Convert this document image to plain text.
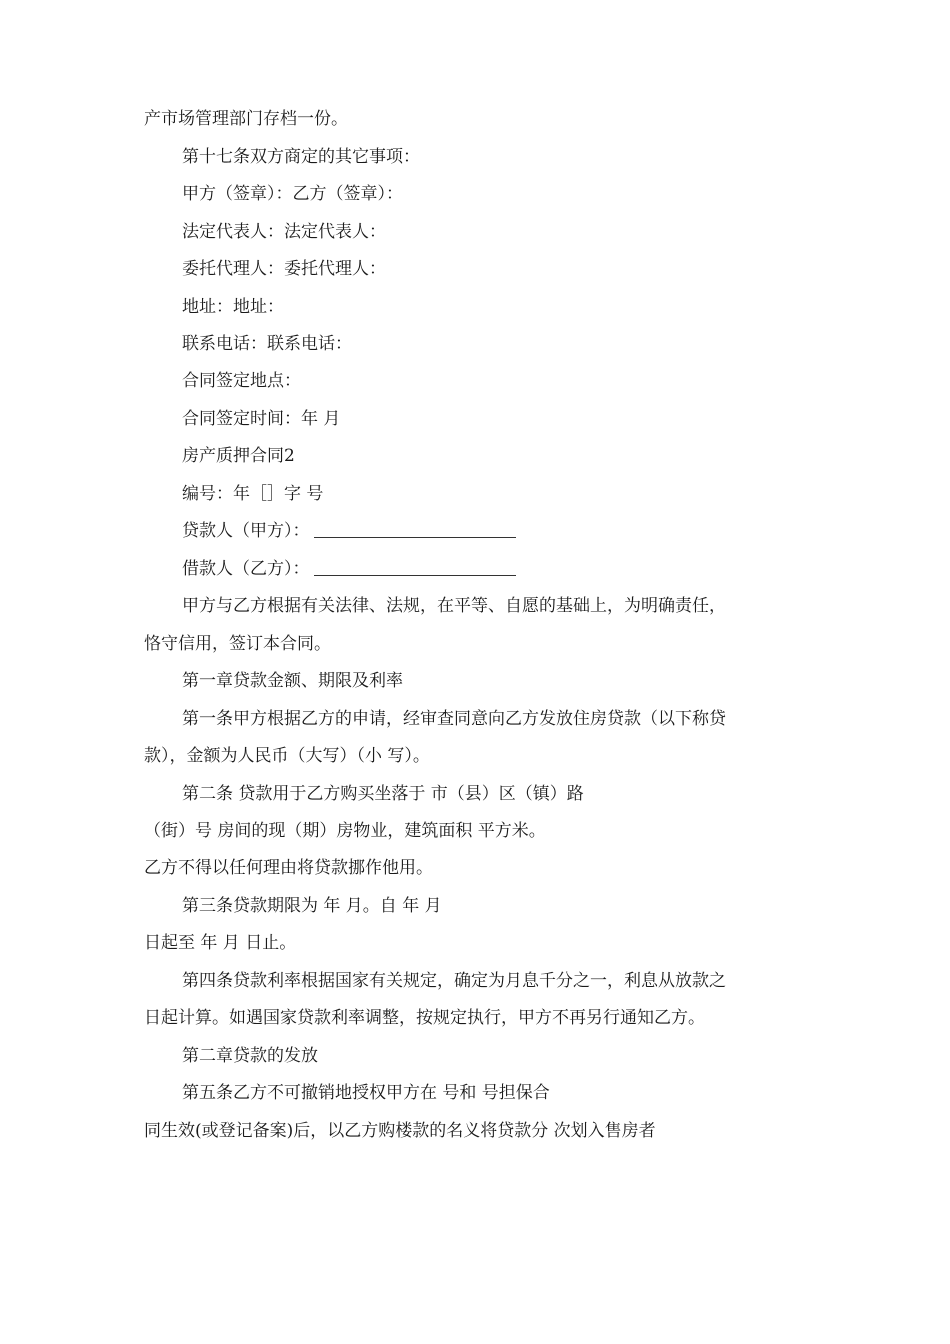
产市场管理部门存档一份。
第十七条双方商定的其它事项：
甲方（签章）：乙方（签章）：
法定代表人：法定代表人：
委托代理人：委托代理人：
地址：地址：
联系电话：联系电话：
合同签定地点：
合同签定时间：年 月
房产质押合同2
编号：年［］字 号
贷款人（甲方）：
借款人（乙方）：
甲方与乙方根据有关法律、法规，在平等、自愿的基础上，为明确责任，
恪守信用，签订本合同。
第一章贷款金额、期限及利率
第一条甲方根据乙方的申请，经审查同意向乙方发放住房贷款（以下称贷
款），金额为人民币（大写）（小 写）。
第二条 贷款用于乙方购买坐落于 市（县）区（镇）路
（街）号 房间的现（期）房物业，建筑面积 平方米。
乙方不得以任何理由将贷款挪作他用。
第三条贷款期限为 年 月。自 年 月
日起至 年 月 日止。
第四条贷款利率根据国家有关规定，确定为月息千分之一，利息从放款之
日起计算。如遇国家贷款利率调整，按规定执行，甲方不再另行通知乙方。
第二章贷款的发放
第五条乙方不可撤销地授权甲方在 号和 号担保合
同生效(或登记备案)后，以乙方购楼款的名义将贷款分 次划入售房者
